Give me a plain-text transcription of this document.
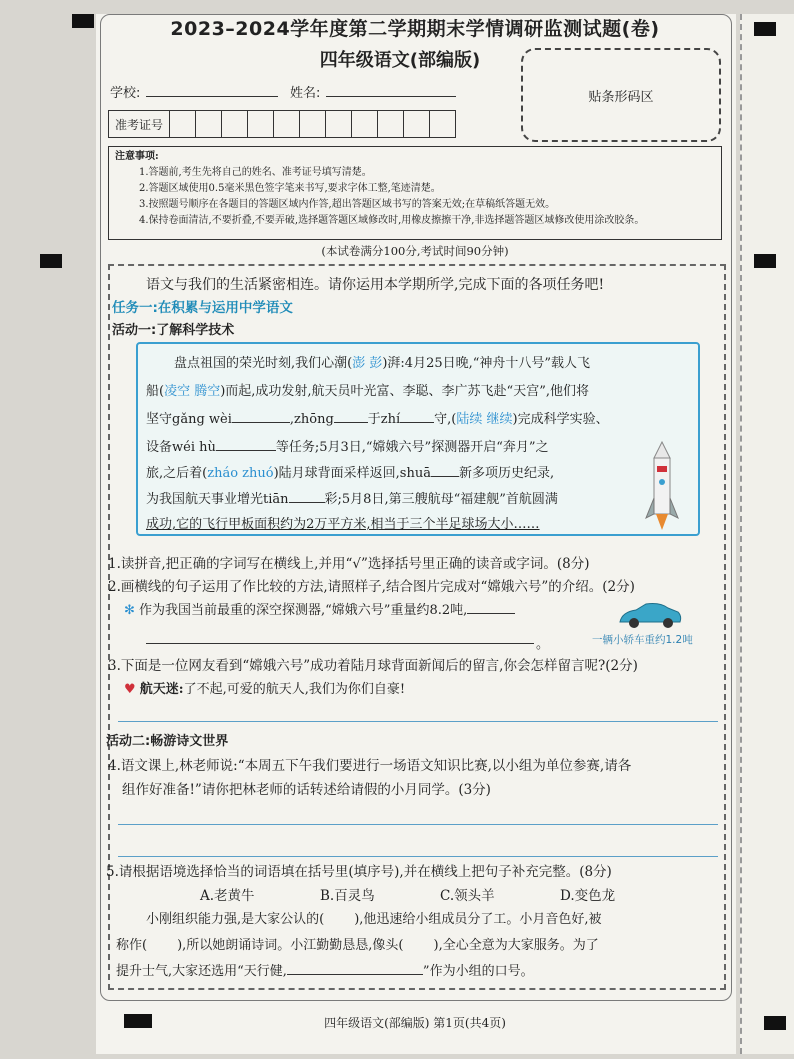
2023–2024学年度第二学期期末学情调研监测试题(卷)
四年级语文(部编版)
贴条形码区
学校:	姓名:
准考证号
注意事项:
1.答题前,考生先将自己的姓名、准考证号填写清楚。
2.答题区域使用0.5毫米黑色签字笔来书写,要求字体工整,笔迹清楚。
3.按照题号顺序在各题目的答题区域内作答,超出答题区域书写的答案无效;在草稿纸答题无效。
4.保持卷面清洁,不要折叠,不要弄破,选择题答题区域修改时,用橡皮擦擦干净,非选择题答题区域修改使用涂改胶条。
(本试卷满分100分,考试时间90分钟)
语文与我们的生活紧密相连。请你运用本学期所学,完成下面的各项任务吧!
任务一:在积累与运用中学语文
活动一:了解科学技术
盘点祖国的荣光时刻,我们心潮(澎 彭)湃:4月25日晚,“神舟十八号”载人飞
船(凌空 腾空)而起,成功发射,航天员叶光富、李聪、李广苏飞赴“天宫”,他们将
坚守gǎng wèi	,zhōng	于zhí	守,(陆续 继续)完成科学实验、
设备wéi hù	等任务;5月3日,“嫦娥六号”探测器开启“奔月”之
旅,之后着(zháo zhuó)陆月球背面采样返回,shuā 新多项历史纪录,
为我国航天事业增光tiān	彩;5月8日,第三艘航母“福建舰”首航圆满
成功,它的飞行甲板面积约为2万平方米,相当于三个半足球场大小……
1.读拼音,把正确的字词写在横线上,并用“√”选择括号里正确的读音或字词。(8分)
2.画横线的句子运用了作比较的方法,请照样子,结合图片完成对“嫦娥六号”的介绍。(2分)
✻ 作为我国当前最重的深空探测器,“嫦娥六号”重量约8.2吨,
一辆小轿车重约1.2吨
。
3.下面是一位网友看到“嫦娥六号”成功着陆月球背面新闻后的留言,你会怎样留言呢?(2分)
♥ 航天迷:了不起,可爱的航天人,我们为你们自豪!
活动二:畅游诗文世界
4.语文课上,林老师说:“本周五下午我们要进行一场语文知识比赛,以小组为单位参赛,请各
组作好准备!”请你把林老师的话转述给请假的小月同学。(3分)
5.请根据语境选择恰当的词语填在括号里(填序号),并在横线上把句子补充完整。(8分)
A.老黄牛	B.百灵鸟	C.领头羊	D.变色龙
小刚组织能力强,是大家公认的( ),他迅速给小组成员分了工。小月音色好,被
称作( ),所以她朗诵诗词。小江勤勤恳恳,像头( ),全心全意为大家服务。为了
提升士气,大家还选用“天行健,	”作为小组的口号。
四年级语文(部编版) 第1页(共4页)
